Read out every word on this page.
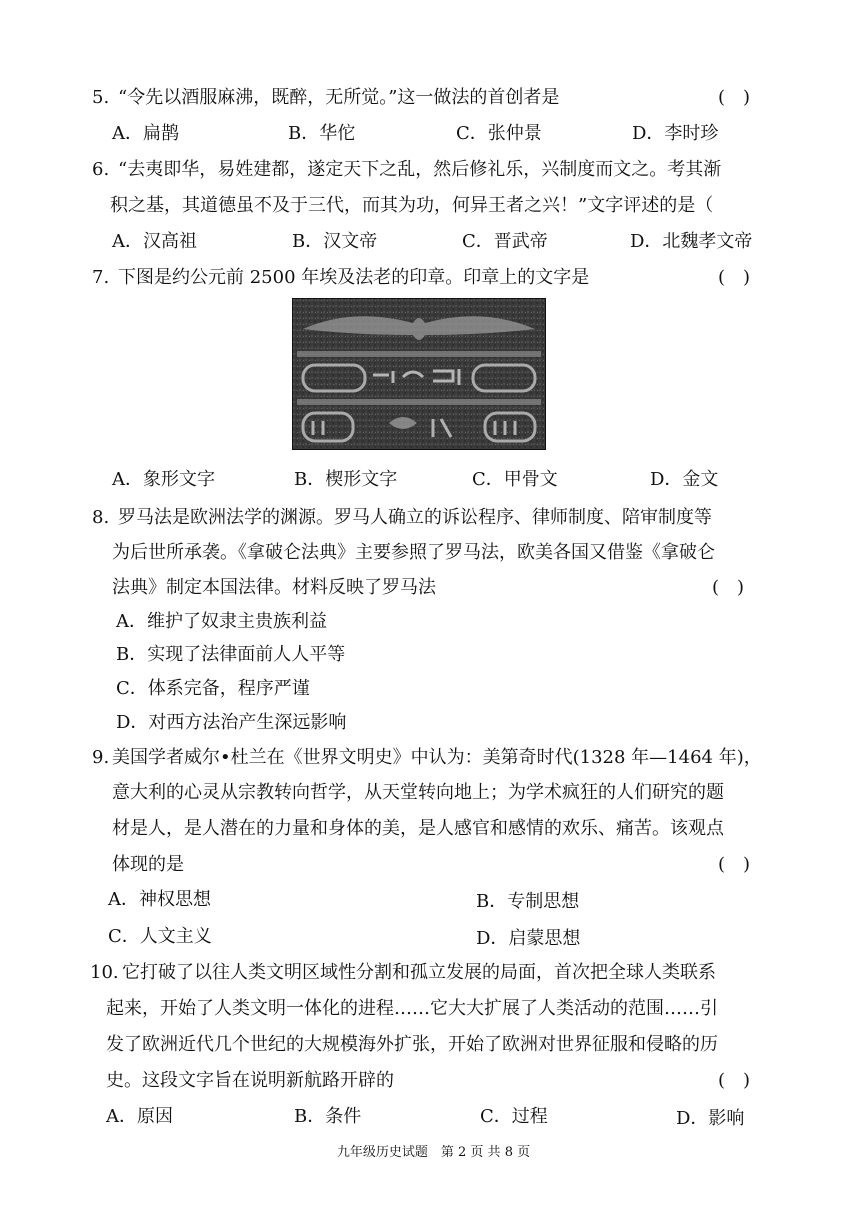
5. “令先以酒服麻沸，既醉，无所觉。”这一做法的首创者是	(　)
A．扁鹊	B．华佗	C．张仲景	D．李时珍
6. “去夷即华，易姓建都，遂定天下之乱，然后修礼乐，兴制度而文之。考其渐
积之基，其道德虽不及于三代，而其为功，何异王者之兴！”文字评述的是（
A．汉高祖	B．汉文帝	C．晋武帝	D．北魏孝文帝
7. 下图是约公元前 2500 年埃及法老的印章。印章上的文字是	(　)
A．象形文字	B．楔形文字	C．甲骨文	D．金文
8. 罗马法是欧洲法学的渊源。罗马人确立的诉讼程序、律师制度、陪审制度等
为后世所承袭。《拿破仑法典》主要参照了罗马法，欧美各国又借鉴《拿破仑
法典》制定本国法律。材料反映了罗马法	(　)
A．维护了奴隶主贵族利益
B．实现了法律面前人人平等
C．体系完备，程序严谨
D．对西方法治产生深远影响
9. 美国学者威尔•杜兰在《世界文明史》中认为：美第奇时代(1328 年—1464 年)，
意大利的心灵从宗教转向哲学，从天堂转向地上；为学术疯狂的人们研究的题
材是人，是人潜在的力量和身体的美，是人感官和感情的欢乐、痛苦。该观点
体现的是	(　)
A．神权思想	B．专制思想
C．人文主义	D．启蒙思想
10. 它打破了以往人类文明区域性分割和孤立发展的局面，首次把全球人类联系
起来，开始了人类文明一体化的进程……它大大扩展了人类活动的范围……引
发了欧洲近代几个世纪的大规模海外扩张，开始了欧洲对世界征服和侵略的历
史。这段文字旨在说明新航路开辟的	(　)
A．原因	B．条件	C．过程	D．影响
九年级历史试题　第 2 页 共 8 页
